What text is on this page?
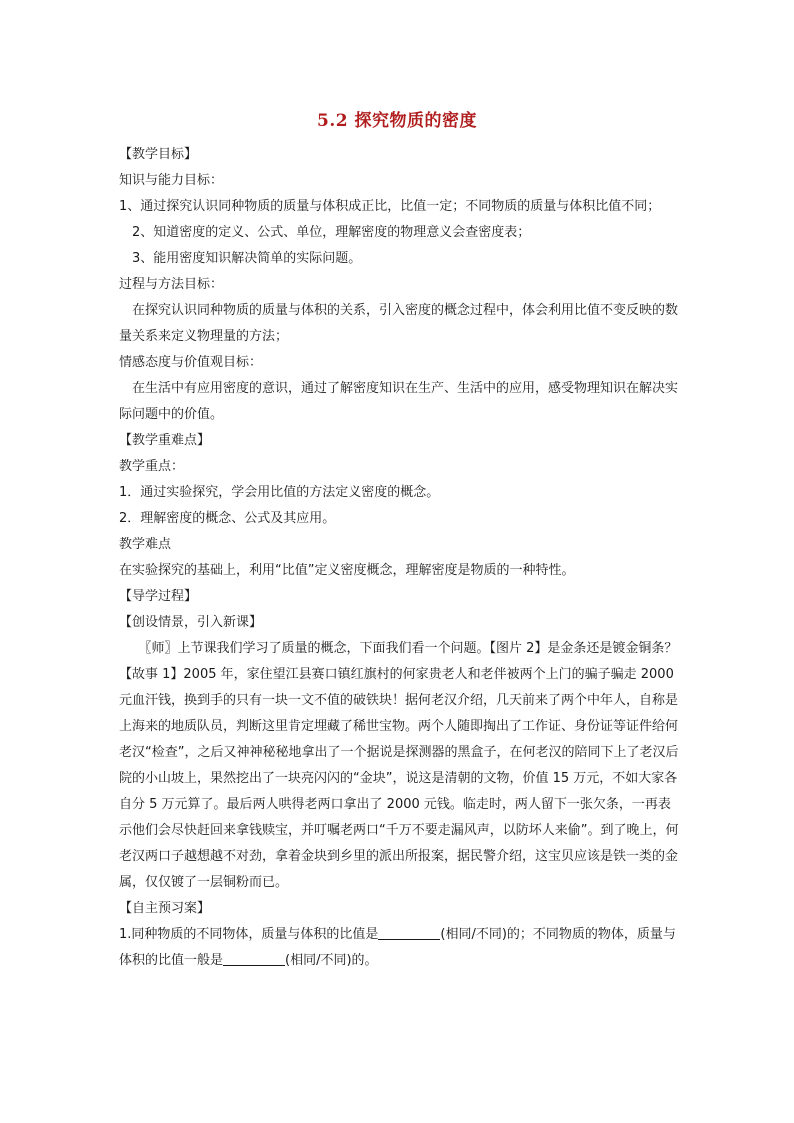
5.2 探究物质的密度

【教学目标】

知识与能力目标：

1、通过探究认识同种物质的质量与体积成正比，比值一定；不同物质的质量与体积比值不同；

2、知道密度的定义、公式、单位，理解密度的物理意义会查密度表；

3、能用密度知识解决简单的实际问题。

过程与方法目标：

在探究认识同种物质的质量与体积的关系，引入密度的概念过程中，体会利用比值不变反映的数量关系来定义物理量的方法；

情感态度与价值观目标：

在生活中有应用密度的意识，通过了解密度知识在生产、生活中的应用，感受物理知识在解决实际问题中的价值。

【教学重难点】

教学重点：

1．通过实验探究，学会用比值的方法定义密度的概念。

2．理解密度的概念、公式及其应用。

教学难点

在实验探究的基础上，利用“比值”定义密度概念，理解密度是物质的一种特性。

【导学过程】

【创设情景，引入新课】

〖师〗上节课我们学习了质量的概念，下面我们看一个问题。【图片 2】是金条还是镀金铜条？

【故事 1】2005 年，家住望江县赛口镇红旗村的何家贵老人和老伴被两个上门的骗子骗走 2000 元血汗钱，换到手的只有一块一文不值的破铁块！据何老汉介绍，几天前来了两个中年人，自称是上海来的地质队员，判断这里肯定埋藏了稀世宝物。两个人随即掏出了工作证、身份证等证件给何老汉“检查”，之后又神神秘秘地拿出了一个据说是探测器的黑盒子，在何老汉的陪同下上了老汉后院的小山坡上，果然挖出了一块亮闪闪的“金块”，说这是清朝的文物，价值 15 万元，不如大家各自分 5 万元算了。最后两人哄得老两口拿出了 2000 元钱。临走时，两人留下一张欠条，一再表示他们会尽快赶回来拿钱赎宝，并叮嘱老两口“千万不要走漏风声，以防坏人来偷”。到了晚上，何老汉两口子越想越不对劲，拿着金块到乡里的派出所报案，据民警介绍，这宝贝应该是铁一类的金属，仅仅镀了一层铜粉而已。

【自主预习案】

1.同种物质的不同物体，质量与体积的比值是	(相同/不同)的；不同物质的物体，质量与体积的比值一般是	(相同/不同)的。
